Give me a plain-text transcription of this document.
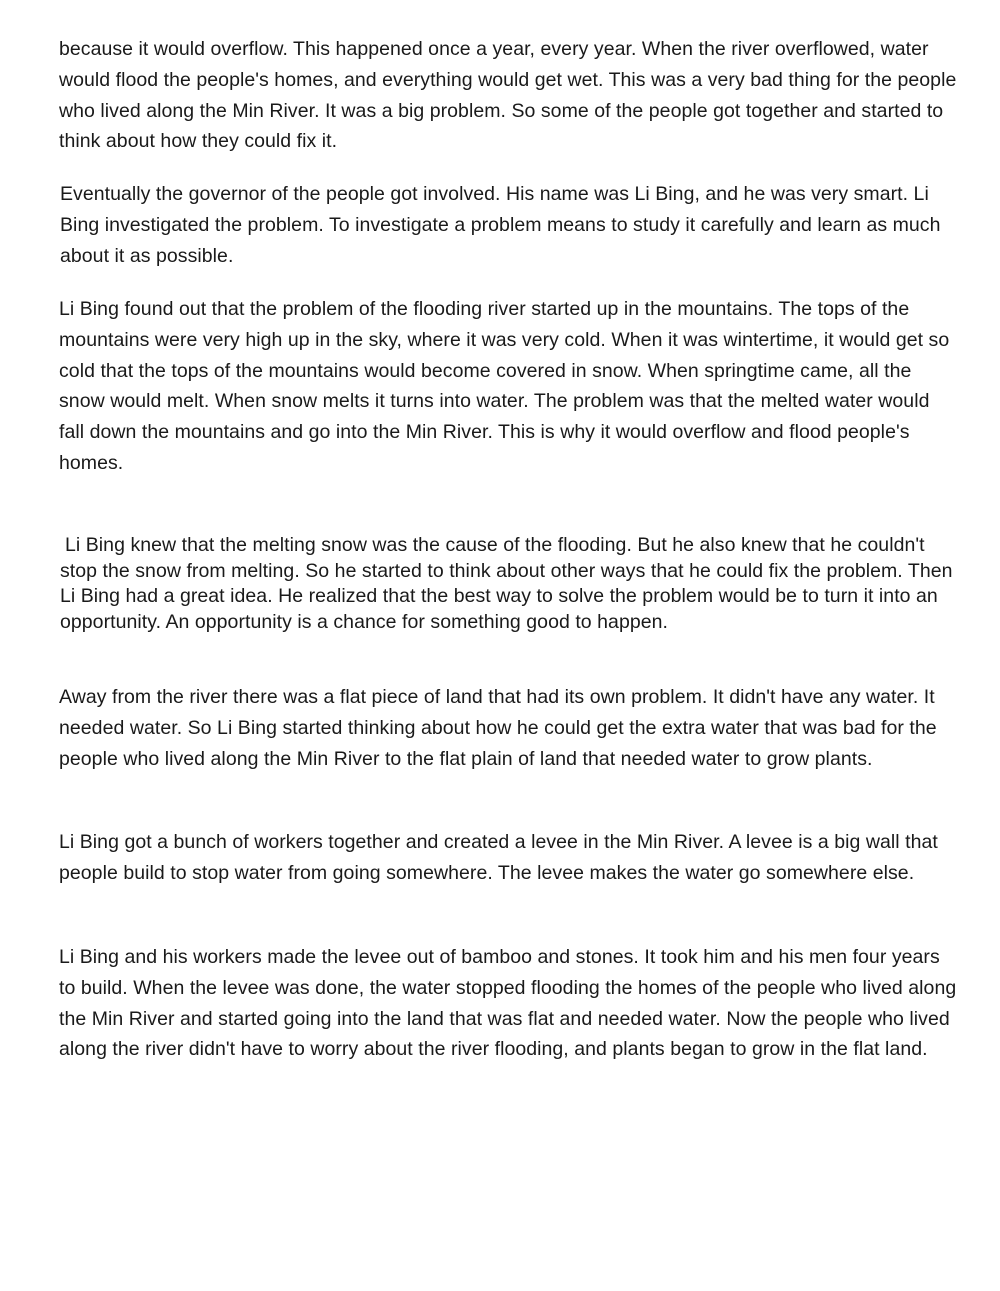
because it would overflow. This happened once a year, every year. When the river overflowed, water would flood the people's homes, and everything would get wet. This was a very bad thing for the people who lived along the Min River. It was a big problem. So some of the people got together and started to think about how they could fix it.

Eventually the governor of the people got involved. His name was Li Bing, and he was very smart. Li Bing investigated the problem. To investigate a problem means to study it carefully and learn as much about it as possible.

Li Bing found out that the problem of the flooding river started up in the mountains. The tops of the mountains were very high up in the sky, where it was very cold. When it was wintertime, it would get so cold that the tops of the mountains would become covered in snow. When springtime came, all the snow would melt. When snow melts it turns into water. The problem was that the melted water would fall down the mountains and go into the Min River. This is why it would overflow and flood people's homes.

Li Bing knew that the melting snow was the cause of the flooding. But he also knew that he couldn't stop the snow from melting. So he started to think about other ways that he could fix the problem. Then Li Bing had a great idea. He realized that the best way to solve the problem would be to turn it into an opportunity. An opportunity is a chance for something good to happen.

Away from the river there was a flat piece of land that had its own problem. It didn't have any water. It needed water. So Li Bing started thinking about how he could get the extra water that was bad for the people who lived along the Min River to the flat plain of land that needed water to grow plants.

Li Bing got a bunch of workers together and created a levee in the Min River. A levee is a big wall that people build to stop water from going somewhere. The levee makes the water go somewhere else.

Li Bing and his workers made the levee out of bamboo and stones. It took him and his men four years to build. When the levee was done, the water stopped flooding the homes of the people who lived along the Min River and started going into the land that was flat and needed water. Now the people who lived along the river didn't have to worry about the river flooding, and plants began to grow in the flat land.
